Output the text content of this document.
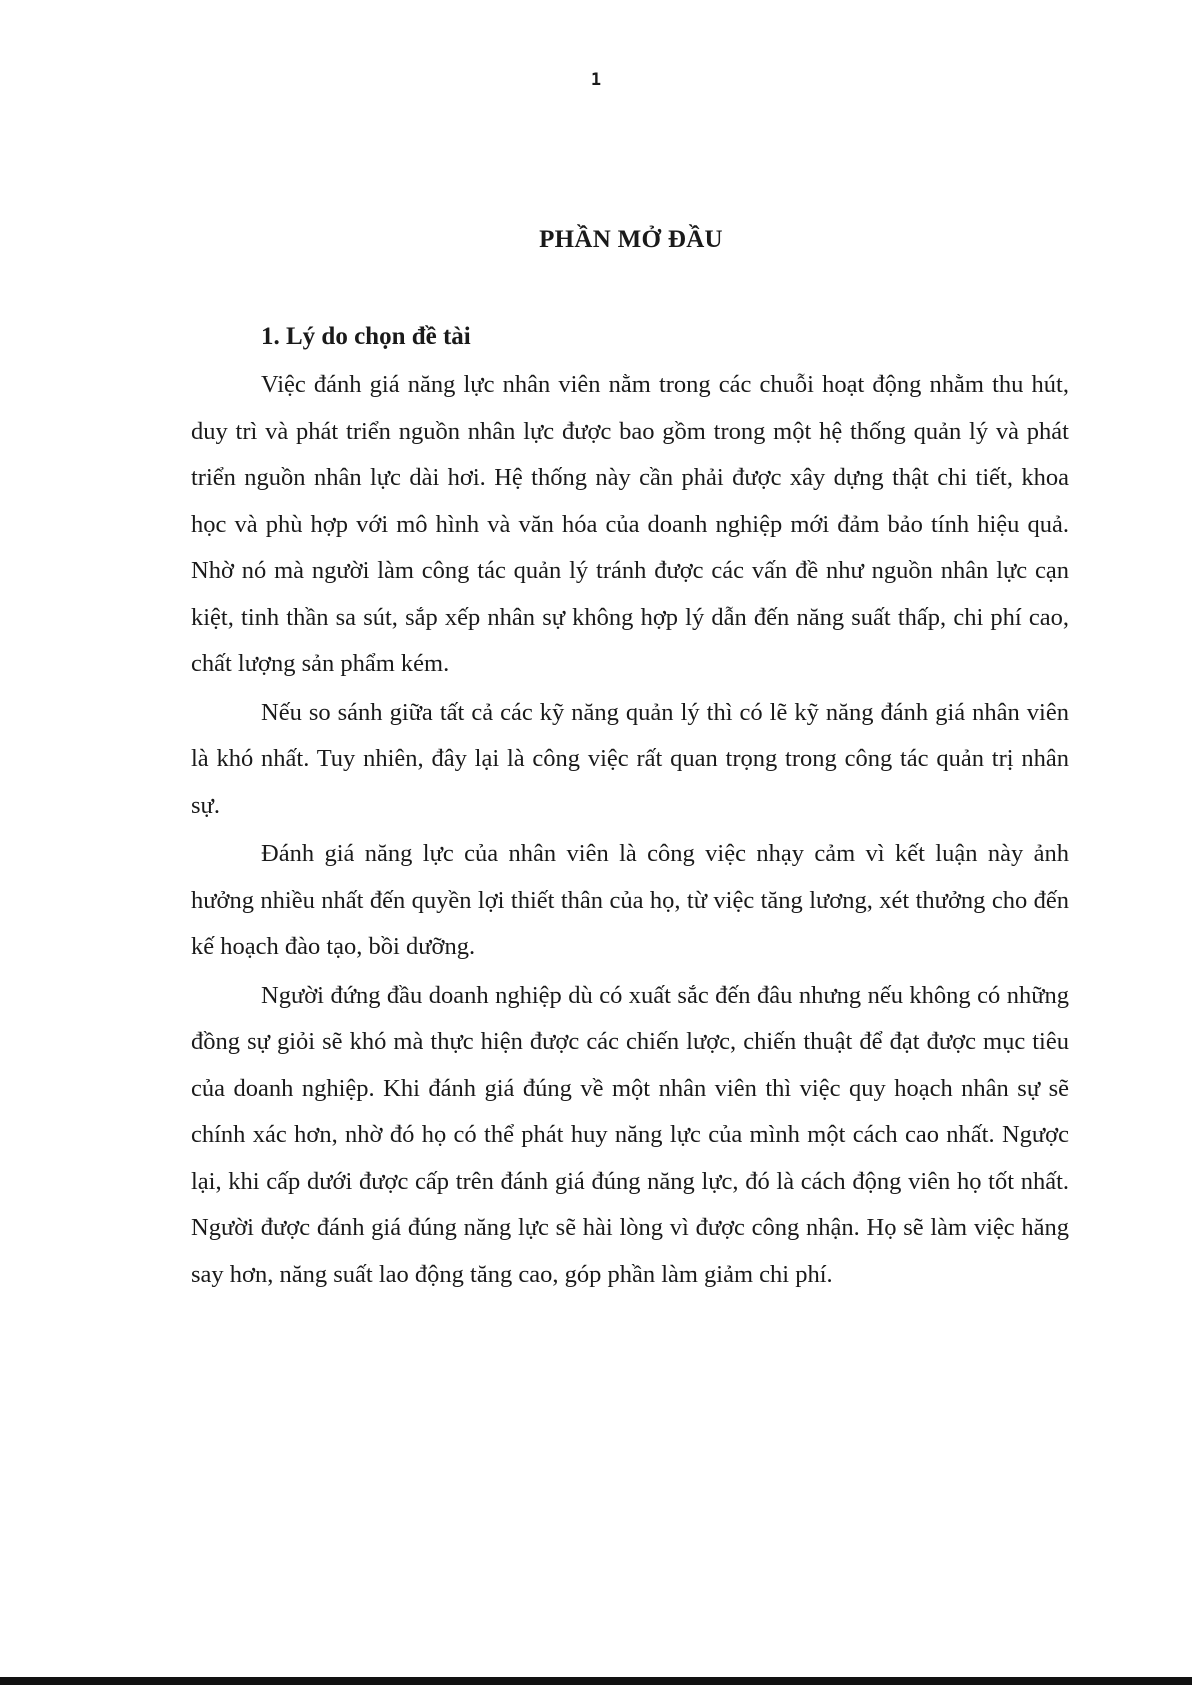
1
PHẦN MỞ ĐẦU
1. Lý do chọn đề tài

Việc đánh giá năng lực nhân viên nằm trong các chuỗi hoạt động nhằm thu hút, duy trì và phát triển nguồn nhân lực được bao gồm trong một hệ thống quản lý và phát triển nguồn nhân lực dài hơi. Hệ thống này cần phải được xây dựng thật chi tiết, khoa học và phù hợp với mô hình và văn hóa của doanh nghiệp mới đảm bảo tính hiệu quả. Nhờ nó mà người làm công tác quản lý tránh được các vấn đề như nguồn nhân lực cạn kiệt, tinh thần sa sút, sắp xếp nhân sự không hợp lý dẫn đến năng suất thấp, chi phí cao, chất lượng sản phẩm kém.

Nếu so sánh giữa tất cả các kỹ năng quản lý thì có lẽ kỹ năng đánh giá nhân viên là khó nhất. Tuy nhiên, đây lại là công việc rất quan trọng trong công tác quản trị nhân sự.

Đánh giá năng lực của nhân viên là công việc nhạy cảm vì kết luận này ảnh hưởng nhiều nhất đến quyền lợi thiết thân của họ, từ việc tăng lương, xét thưởng cho đến kế hoạch đào tạo, bồi dưỡng.

Người đứng đầu doanh nghiệp dù có xuất sắc đến đâu nhưng nếu không có những đồng sự giỏi sẽ khó mà thực hiện được các chiến lược, chiến thuật để đạt được mục tiêu của doanh nghiệp. Khi đánh giá đúng về một nhân viên thì việc quy hoạch nhân sự sẽ chính xác hơn, nhờ đó họ có thể phát huy năng lực của mình một cách cao nhất. Ngược lại, khi cấp dưới được cấp trên đánh giá đúng năng lực, đó là cách động viên họ tốt nhất. Người được đánh giá đúng năng lực sẽ hài lòng vì được công nhận. Họ sẽ làm việc hăng say hơn, năng suất lao động tăng cao, góp phần làm giảm chi phí.
